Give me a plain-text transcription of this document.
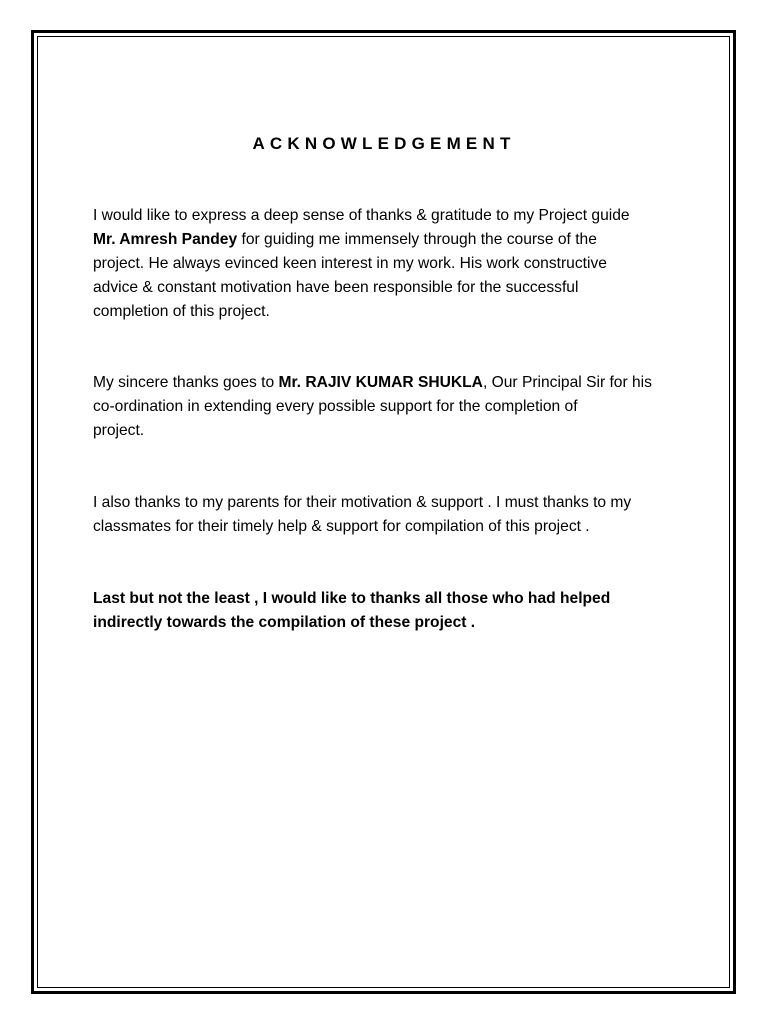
ACKNOWLEDGEMENT

I would like to express a deep sense of thanks & gratitude to my Project guide
Mr. Amresh Pandey for guiding me immensely through the course of the
project. He always evinced keen interest in my work. His work constructive
advice & constant motivation have been responsible for the successful
completion of this project.

My sincere thanks goes to Mr. RAJIV KUMAR SHUKLA, Our Principal Sir for his
co-ordination in extending every possible support for the completion of
project.

I also thanks to my parents for their motivation & support . I must thanks to my
classmates for their timely help & support for compilation of this project .

Last but not the least , I would like to thanks all those who had helped
indirectly towards the compilation of these project .
